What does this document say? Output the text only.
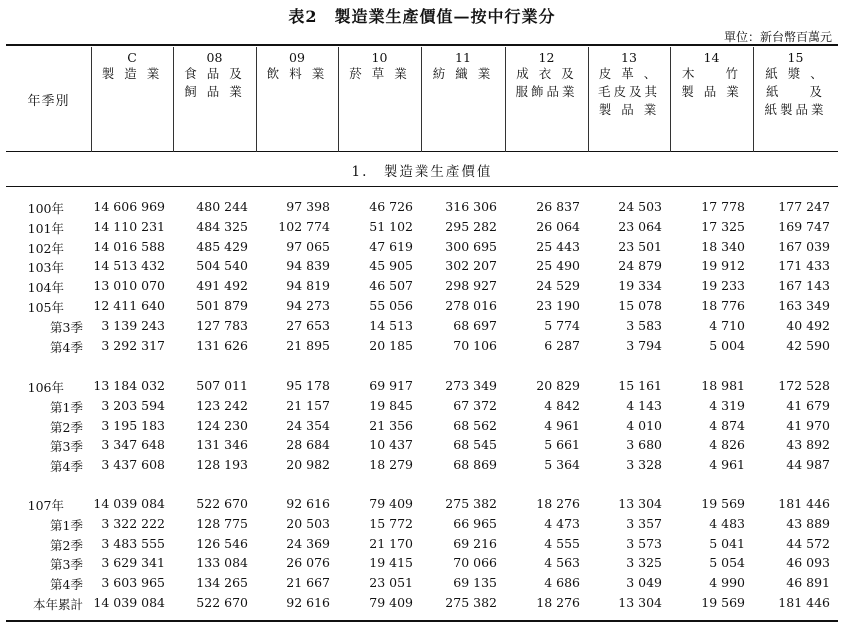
表2　製造業生產價值—按中行業分
單位：新台幣百萬元
年季別
C
製 造 業
08
食 品 及
飼 品 業
09
飲 料 業
10
菸 草 業
11
紡 織 業
12
成 衣 及
服飾品業
13
皮 革 、
毛皮及其
製 品 業
14
木    竹
製 品 業
15
紙 漿 、
紙    及
紙製品業
1.　製造業生產價值
100年	14 606 969	480 244	97 398	46 726	316 306	26 837	24 503	17 778	177 247
101年	14 110 231	484 325	102 774	51 102	295 282	26 064	23 064	17 325	169 747
102年	14 016 588	485 429	97 065	47 619	300 695	25 443	23 501	18 340	167 039
103年	14 513 432	504 540	94 839	45 905	302 207	25 490	24 879	19 912	171 433
104年	13 010 070	491 492	94 819	46 507	298 927	24 529	19 334	19 233	167 143
105年	12 411 640	501 879	94 273	55 056	278 016	23 190	15 078	18 776	163 349
第3季	3 139 243	127 783	27 653	14 513	68 697	5 774	3 583	4 710	40 492
第4季	3 292 317	131 626	21 895	20 185	70 106	6 287	3 794	5 004	42 590
106年	13 184 032	507 011	95 178	69 917	273 349	20 829	15 161	18 981	172 528
第1季	3 203 594	123 242	21 157	19 845	67 372	4 842	4 143	4 319	41 679
第2季	3 195 183	124 230	24 354	21 356	68 562	4 961	4 010	4 874	41 970
第3季	3 347 648	131 346	28 684	10 437	68 545	5 661	3 680	4 826	43 892
第4季	3 437 608	128 193	20 982	18 279	68 869	5 364	3 328	4 961	44 987
107年	14 039 084	522 670	92 616	79 409	275 382	18 276	13 304	19 569	181 446
第1季	3 322 222	128 775	20 503	15 772	66 965	4 473	3 357	4 483	43 889
第2季	3 483 555	126 546	24 369	21 170	69 216	4 555	3 573	5 041	44 572
第3季	3 629 341	133 084	26 076	19 415	70 066	4 563	3 325	5 054	46 093
第4季	3 603 965	134 265	21 667	23 051	69 135	4 686	3 049	4 990	46 891
本年累計 14 039 084	522 670	92 616	79 409	275 382	18 276	13 304	19 569	181 446
